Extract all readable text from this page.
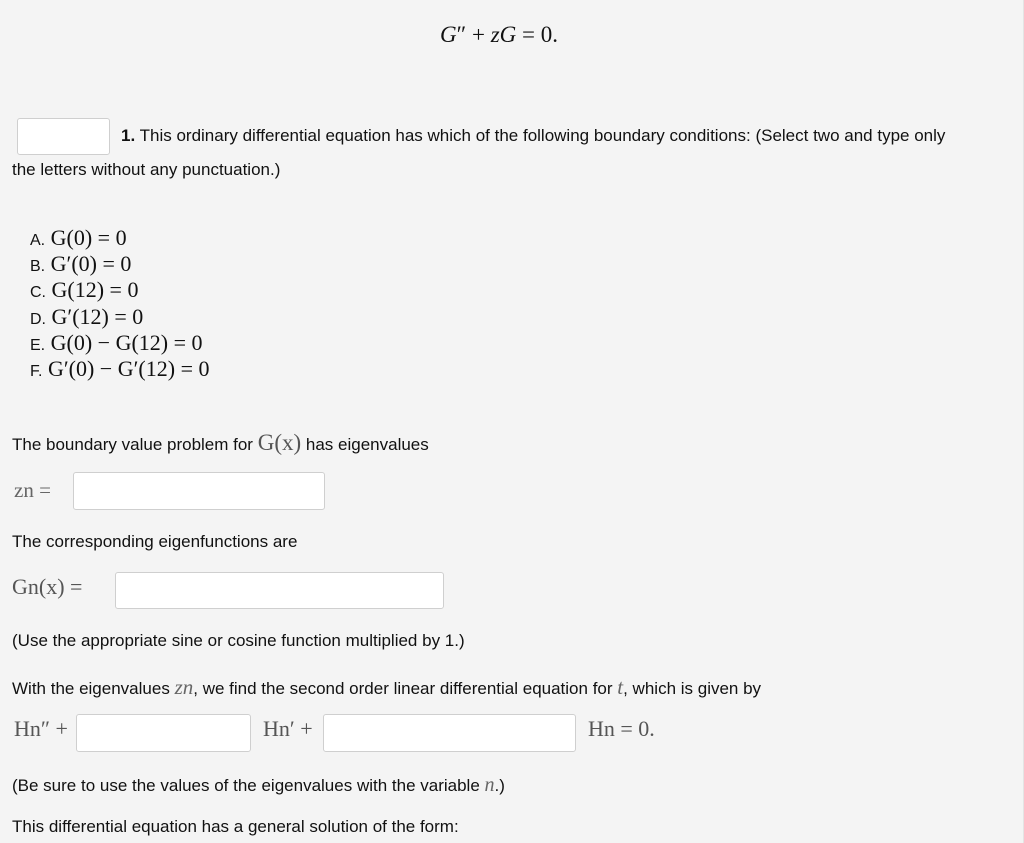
G″ + zG = 0.
1. This ordinary differential equation has which of the following boundary conditions: (Select two and type only
the letters without any punctuation.)
A. G(0) = 0
B. G′(0) = 0
C. G(12) = 0
D. G′(12) = 0
E. G(0) − G(12) = 0
F. G′(0) − G′(12) = 0
The boundary value problem for G(x) has eigenvalues
zn =
The corresponding eigenfunctions are
Gn(x) =
(Use the appropriate sine or cosine function multiplied by 1.)
With the eigenvalues zn, we find the second order linear differential equation for t, which is given by
Hn″ +	Hn′ +	Hn = 0.
(Be sure to use the values of the eigenvalues with the variable n.)
This differential equation has a general solution of the form:
